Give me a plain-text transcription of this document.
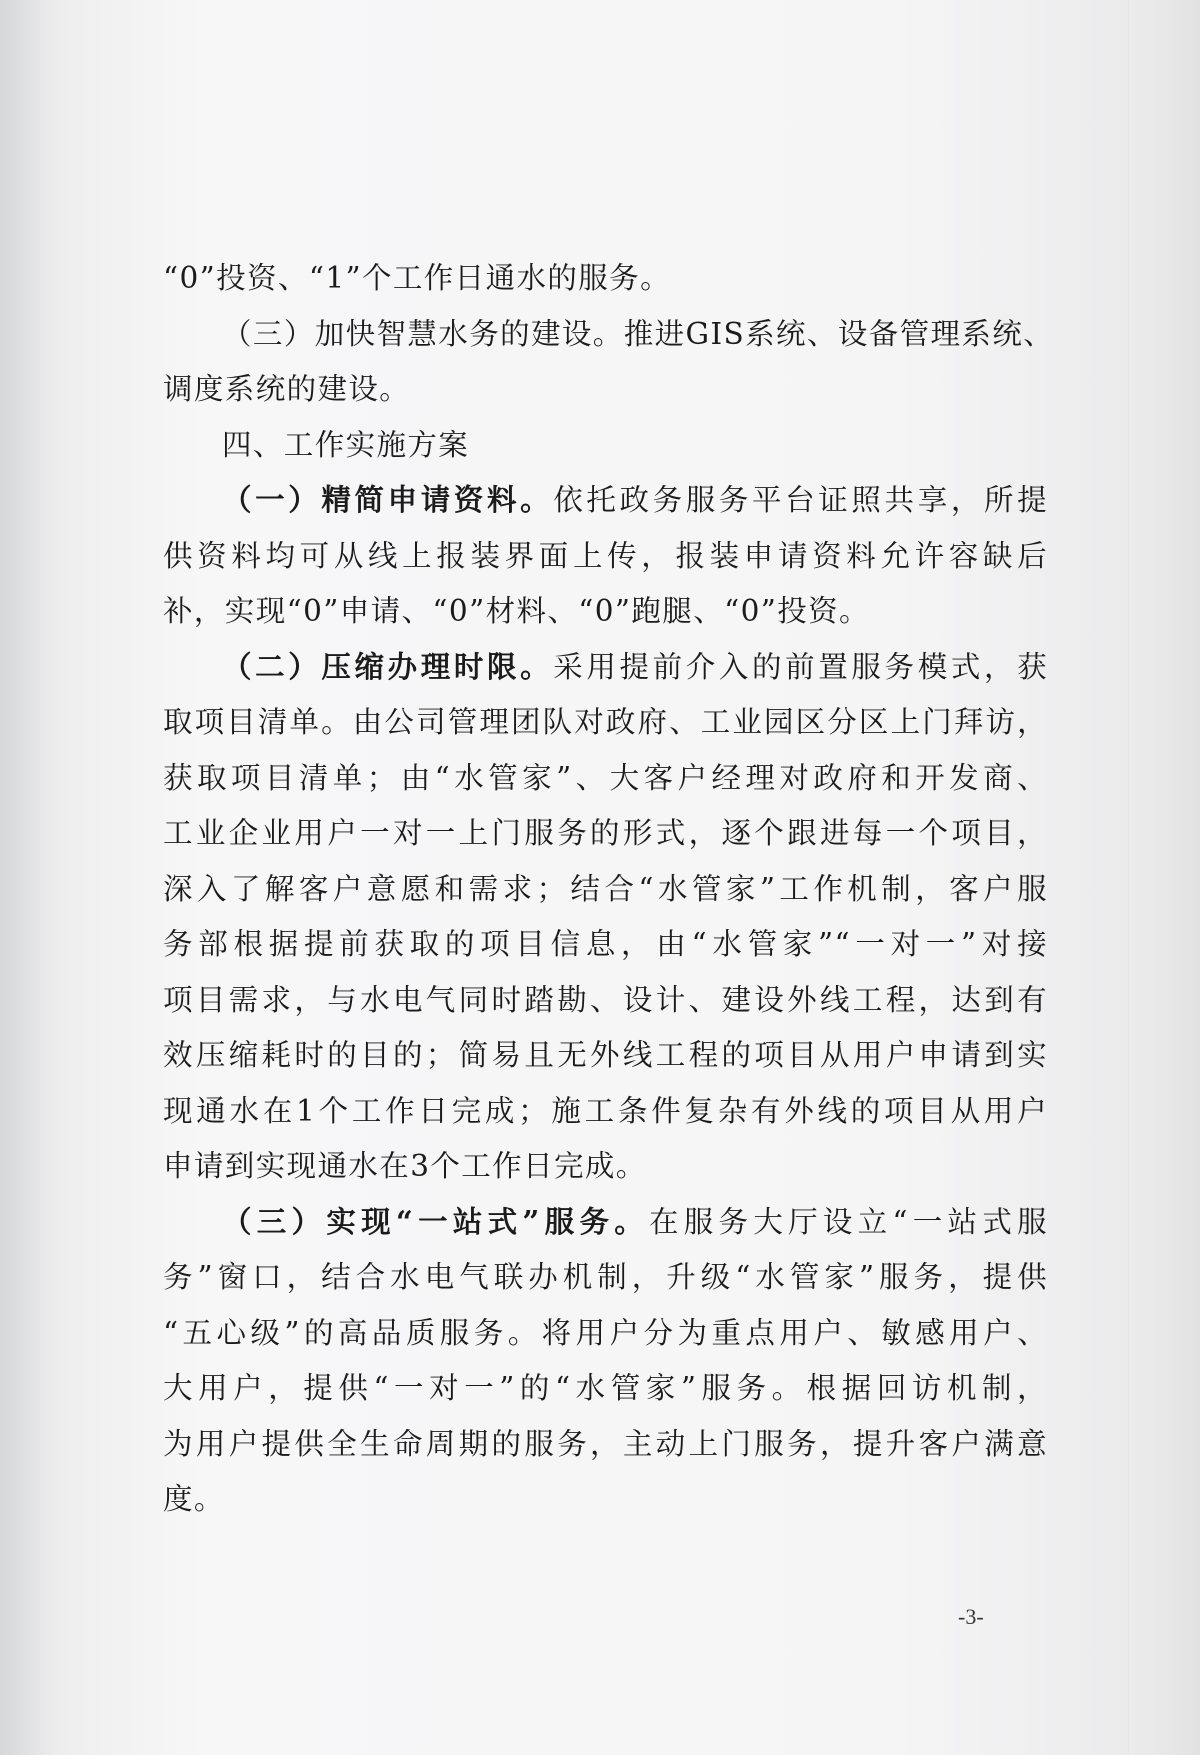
“0”投资、“1”个工作日通水的服务。
（三）加快智慧水务的建设。推进GIS系统、设备管理系统、
调度系统的建设。
四、工作实施方案
（一）精简申请资料。依托政务服务平台证照共享，所提
供资料均可从线上报装界面上传，报装申请资料允许容缺后
补，实现“0”申请、“0”材料、“0”跑腿、“0”投资。
（二）压缩办理时限。采用提前介入的前置服务模式，获
取项目清单。由公司管理团队对政府、工业园区分区上门拜访，
获取项目清单；由“水管家”、大客户经理对政府和开发商、
工业企业用户一对一上门服务的形式，逐个跟进每一个项目，
深入了解客户意愿和需求；结合“水管家”工作机制，客户服
务部根据提前获取的项目信息，由“水管家”“一对一”对接
项目需求，与水电气同时踏勘、设计、建设外线工程，达到有
效压缩耗时的目的；简易且无外线工程的项目从用户申请到实
现通水在1个工作日完成；施工条件复杂有外线的项目从用户
申请到实现通水在3个工作日完成。
（三）实现“一站式”服务。在服务大厅设立“一站式服
务”窗口，结合水电气联办机制，升级“水管家”服务，提供
“五心级”的高品质服务。将用户分为重点用户、敏感用户、
大用户，提供“一对一”的“水管家”服务。根据回访机制，
为用户提供全生命周期的服务，主动上门服务，提升客户满意
度。
-3-
